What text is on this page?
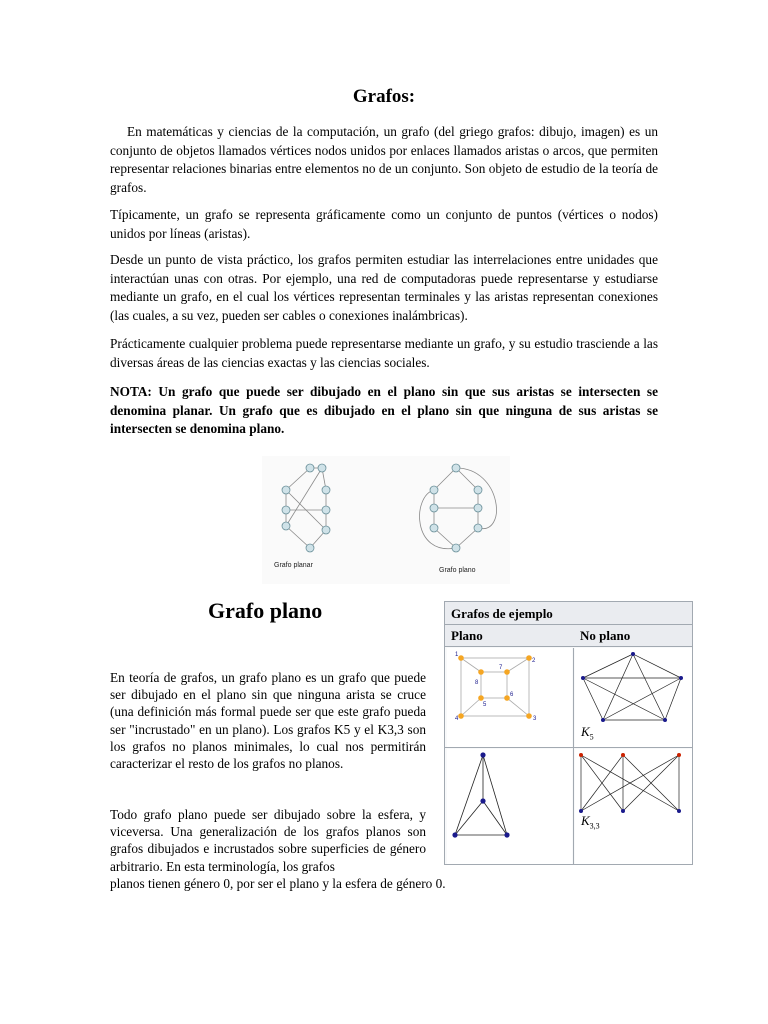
Grafos:

En matemáticas y ciencias de la computación, un grafo (del griego grafos: dibujo, imagen) es un conjunto de objetos llamados vértices nodos unidos por enlaces llamados aristas o arcos, que permiten representar relaciones binarias entre elementos no de un conjunto. Son objeto de estudio de la teoría de grafos.

Típicamente, un grafo se representa gráficamente como un conjunto de puntos (vértices o nodos) unidos por líneas (aristas).

Desde un punto de vista práctico, los grafos permiten estudiar las interrelaciones entre unidades que interactúan unas con otras. Por ejemplo, una red de computadoras puede representarse y estudiarse mediante un grafo, en el cual los vértices representan terminales y las aristas representan conexiones (las cuales, a su vez, pueden ser cables o conexiones inalámbricas).

Prácticamente cualquier problema puede representarse mediante un grafo, y su estudio trasciende a las diversas áreas de las ciencias exactas y las ciencias sociales.

NOTA: Un grafo que puede ser dibujado en el plano sin que sus aristas se intersecten se denomina planar. Un grafo que es dibujado en el plano sin que ninguna de sus aristas se intersecten se denomina plano.

Grafo planar
Grafo plano
Grafo plano

En teoría de grafos, un grafo plano es un grafo que puede ser dibujado en el plano sin que ninguna arista se cruce (una definición más formal puede ser que este grafo pueda ser "incrustado" en un plano). Los grafos K5 y el K3,3 son los grafos no planos minimales, lo cual nos permitirán caracterizar el resto de los grafos no planos.

Todo grafo plano puede ser dibujado sobre la esfera, y viceversa. Una generalización de los grafos planos son grafos dibujados e incrustados sobre superficies de género arbitrario. En esta terminología, los grafos

planos tienen género 0, por ser el plano y la esfera de género 0.

Grafos de ejemplo
Plano	No plano
1
2
3
4
5
6
7
8
$K_5$
$K_{3,3}$
